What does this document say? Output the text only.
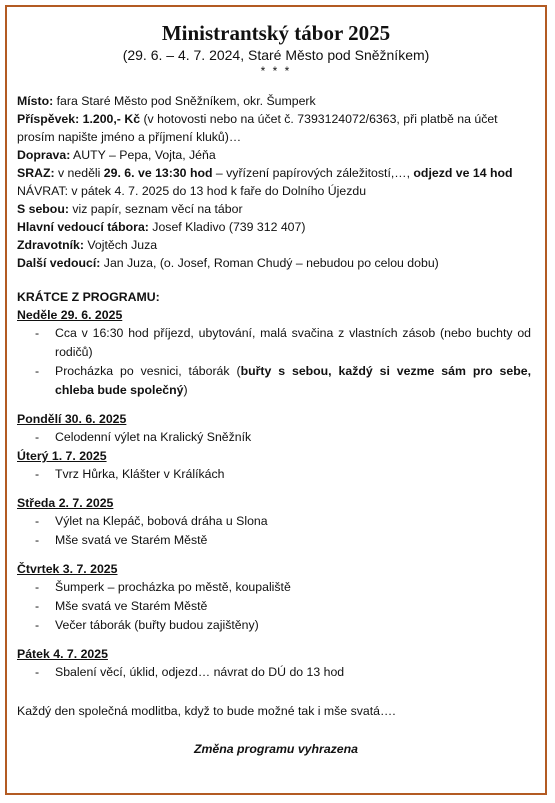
Ministrantský tábor 2025
(29. 6. – 4. 7. 2024, Staré Město pod Sněžníkem)
* * *
Místo: fara Staré Město pod Sněžníkem, okr. Šumperk
Příspěvek: 1.200,- Kč (v hotovosti nebo na účet č. 7393124072/6363, při platbě na účet prosím napište jméno a příjmení kluků)…
Doprava: AUTY – Pepa, Vojta, Jéňa
SRAZ: v neděli 29. 6. ve 13:30 hod – vyřízení papírových záležitostí,…, odjezd ve 14 hod
NÁVRAT: v pátek 4. 7. 2025 do 13 hod k faře do Dolního Újezdu
S sebou: viz papír, seznam věcí na tábor
Hlavní vedoucí tábora: Josef Kladivo (739 312 407)
Zdravotník: Vojtěch Juza
Další vedoucí: Jan Juza, (o. Josef, Roman Chudý – nebudou po celou dobu)
KRÁTCE Z PROGRAMU:
Neděle 29. 6. 2025
- Cca v 16:30 hod příjezd, ubytování, malá svačina z vlastních zásob (nebo buchty od rodičů)
- Procházka po vesnici, táborák (buřty s sebou, každý si vezme sám pro sebe, chleba bude společný)
Pondělí 30. 6. 2025
- Celodenní výlet na Kralický Sněžník
Úterý 1. 7. 2025
- Tvrz Hůrka, Klášter v Králíkách
Středa 2. 7. 2025
- Výlet na Klepáč, bobová dráha u Slona
- Mše svatá ve Starém Městě
Čtvrtek 3. 7. 2025
- Šumperk – procházka po městě, koupaliště
- Mše svatá ve Starém Městě
- Večer táborák (buřty budou zajištěny)
Pátek 4. 7. 2025
- Sbalení věcí, úklid, odjezd… návrat do DÚ do 13 hod
Každý den společná modlitba, když to bude možné tak i mše svatá….
Změna programu vyhrazena
